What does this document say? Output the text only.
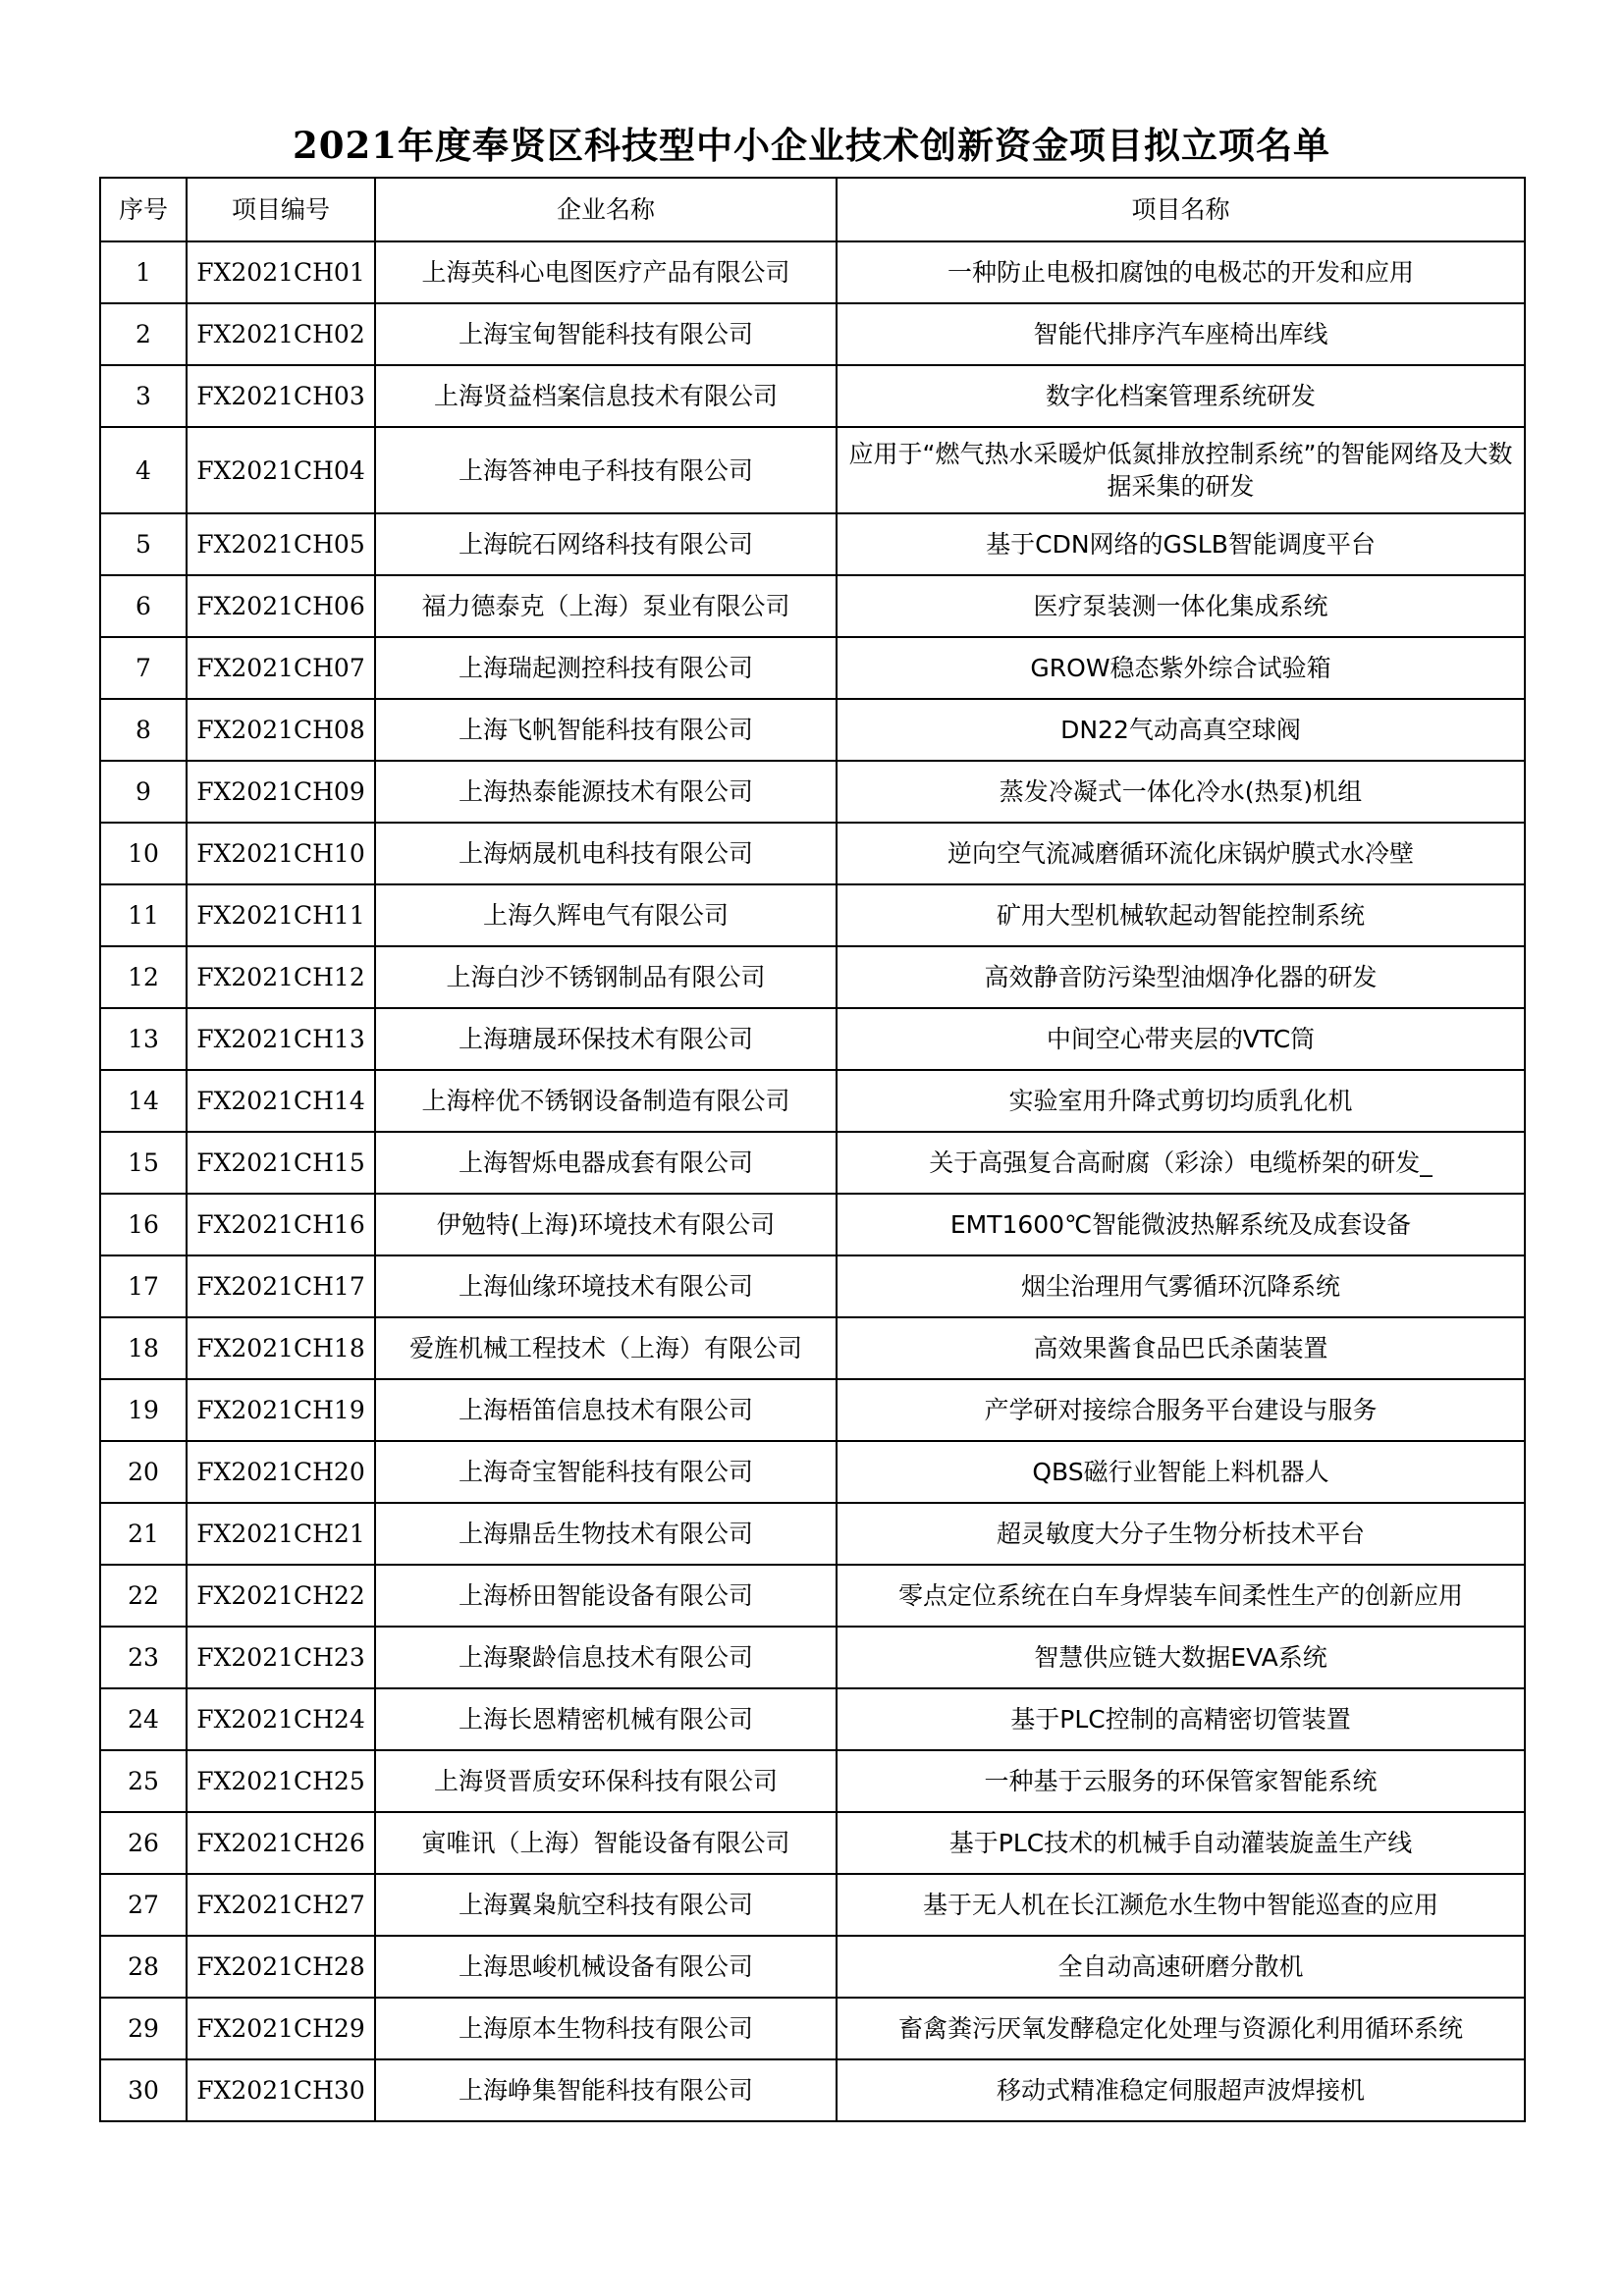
2021年度奉贤区科技型中小企业技术创新资金项目拟立项名单
序号	项目编号	企业名称	项目名称
1	FX2021CH01	上海英科心电图医疗产品有限公司	一种防止电极扣腐蚀的电极芯的开发和应用
2	FX2021CH02	上海宝甸智能科技有限公司	智能代排序汽车座椅出库线
3	FX2021CH03	上海贤益档案信息技术有限公司	数字化档案管理系统研发
4	FX2021CH04	上海答神电子科技有限公司	应用于“燃气热水采暖炉低氮排放控制系统”的智能网络及大数据采集的研发
5	FX2021CH05	上海皖石网络科技有限公司	基于CDN网络的GSLB智能调度平台
6	FX2021CH06	福力德泰克（上海）泵业有限公司	医疗泵装测一体化集成系统
7	FX2021CH07	上海瑞起测控科技有限公司	GROW稳态紫外综合试验箱
8	FX2021CH08	上海飞帆智能科技有限公司	DN22气动高真空球阀
9	FX2021CH09	上海热泰能源技术有限公司	蒸发冷凝式一体化冷水(热泵)机组
10	FX2021CH10	上海炳晟机电科技有限公司	逆向空气流减磨循环流化床锅炉膜式水冷壁
11	FX2021CH11	上海久辉电气有限公司	矿用大型机械软起动智能控制系统
12	FX2021CH12	上海白沙不锈钢制品有限公司	高效静音防污染型油烟净化器的研发
13	FX2021CH13	上海瑭晟环保技术有限公司	中间空心带夹层的VTC筒
14	FX2021CH14	上海梓优不锈钢设备制造有限公司	实验室用升降式剪切均质乳化机
15	FX2021CH15	上海智烁电器成套有限公司	关于高强复合高耐腐（彩涂）电缆桥架的研发_
16	FX2021CH16	伊勉特(上海)环境技术有限公司	EMT1600℃智能微波热解系统及成套设备
17	FX2021CH17	上海仙缘环境技术有限公司	烟尘治理用气雾循环沉降系统
18	FX2021CH18	爱旌机械工程技术（上海）有限公司	高效果酱食品巴氏杀菌装置
19	FX2021CH19	上海梧笛信息技术有限公司	产学研对接综合服务平台建设与服务
20	FX2021CH20	上海奇宝智能科技有限公司	QBS磁行业智能上料机器人
21	FX2021CH21	上海鼎岳生物技术有限公司	超灵敏度大分子生物分析技术平台
22	FX2021CH22	上海桥田智能设备有限公司	零点定位系统在白车身焊装车间柔性生产的创新应用
23	FX2021CH23	上海聚龄信息技术有限公司	智慧供应链大数据EVA系统
24	FX2021CH24	上海长恩精密机械有限公司	基于PLC控制的高精密切管装置
25	FX2021CH25	上海贤晋质安环保科技有限公司	一种基于云服务的环保管家智能系统
26	FX2021CH26	寅唯讯（上海）智能设备有限公司	基于PLC技术的机械手自动灌装旋盖生产线
27	FX2021CH27	上海翼枭航空科技有限公司	基于无人机在长江濒危水生物中智能巡查的应用
28	FX2021CH28	上海思峻机械设备有限公司	全自动高速研磨分散机
29	FX2021CH29	上海原本生物科技有限公司	畜禽粪污厌氧发酵稳定化处理与资源化利用循环系统
30	FX2021CH30	上海峥集智能科技有限公司	移动式精准稳定伺服超声波焊接机
